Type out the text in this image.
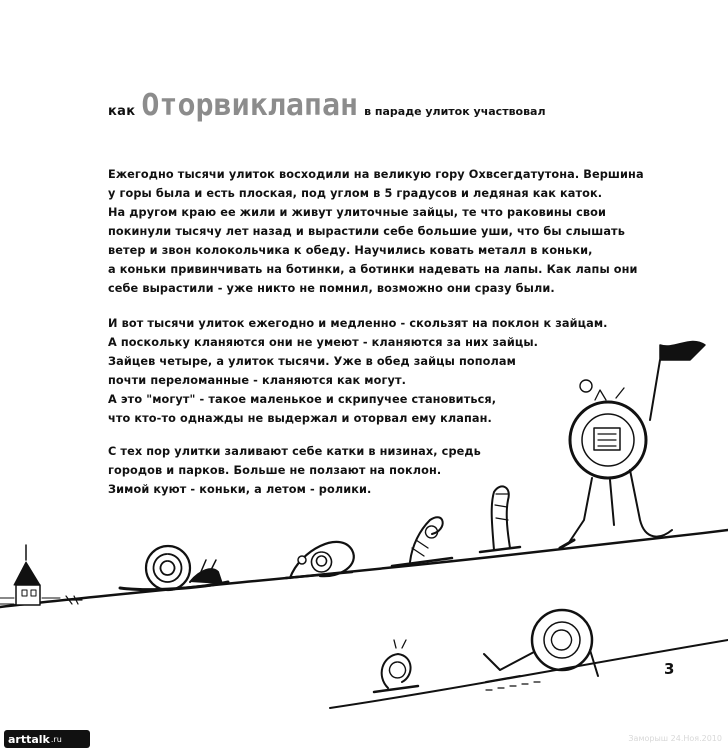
как Оторвиклапан в параде улиток участвовал

Ежегодно тысячи улиток восходили на великую гору Охвсегдатутона. Вершина
у горы была и есть плоская, под углом в 5 градусов и ледяная как каток.
На другом краю ее жили и живут улиточные зайцы, те что раковины свои
покинули тысячу лет назад и вырастили себе большие уши, что бы слышать
ветер и звон колокольчика к обеду. Научились ковать металл в коньки,
а коньки привинчивать на ботинки, а ботинки надевать на лапы. Как лапы они
себе вырастили - уже никто не помнил, возможно они сразу были.

И вот тысячи улиток ежегодно и медленно - скользят на поклон к зайцам.
А поскольку кланяются они не умеют - кланяются за них зайцы.
Зайцев четыре, а улиток тысячи. Уже в обед зайцы пополам
почти переломанные - кланяются как могут.
А это "могут" - такое маленькое и скрипучее становиться,
что кто-то однажды не выдержал и оторвал ему клапан.

С тех пор улитки заливают себе катки в низинах, средь
городов и парков. Больше не ползают на поклон.
Зимой куют - коньки, а летом - ролики.

3
arttalk .ru	Заморыш 24.Ноя.2010
